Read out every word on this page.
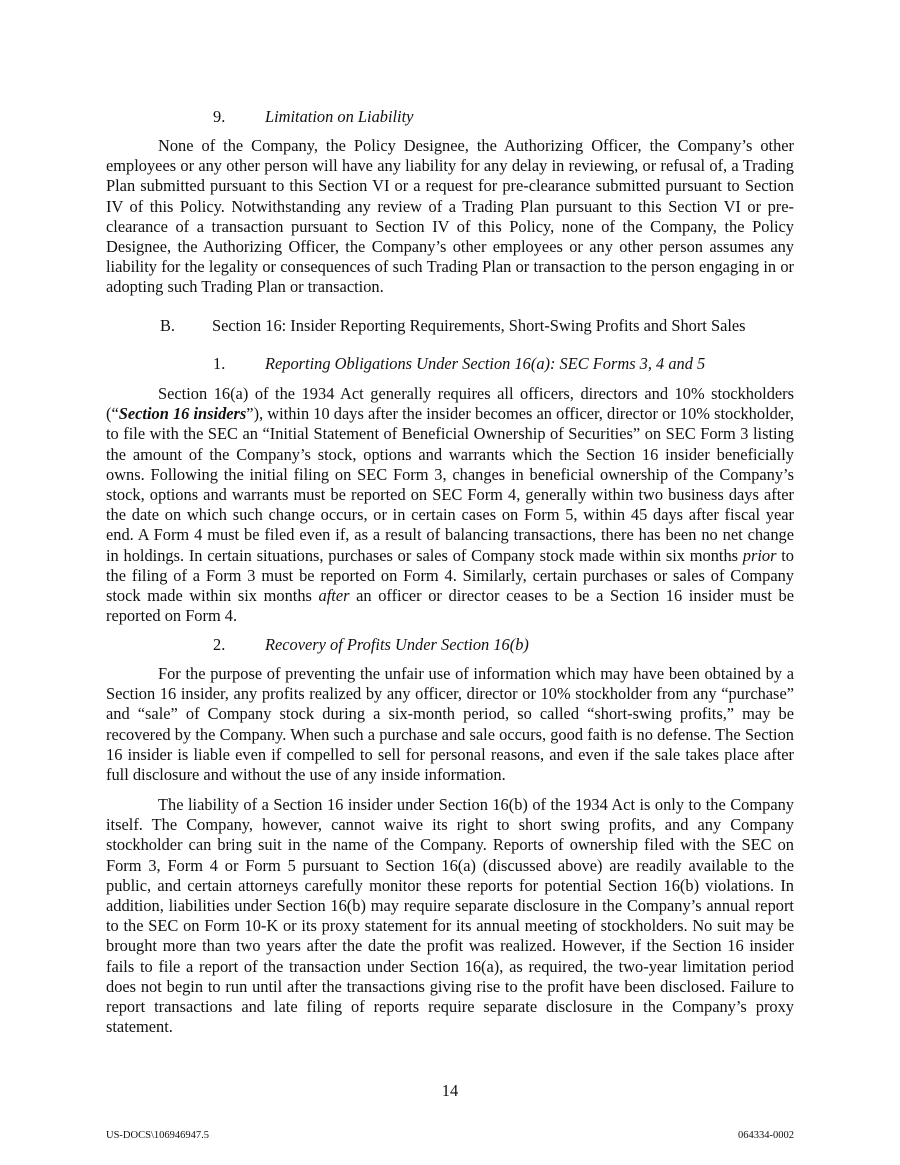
9. Limitation on Liability

None of the Company, the Policy Designee, the Authorizing Officer, the Company’s other employees or any other person will have any liability for any delay in reviewing, or refusal of, a Trading Plan submitted pursuant to this Section VI or a request for pre-clearance submitted pursuant to Section IV of this Policy. Notwithstanding any review of a Trading Plan pursuant to this Section VI or pre-clearance of a transaction pursuant to Section IV of this Policy, none of the Company, the Policy Designee, the Authorizing Officer, the Company’s other employees or any other person assumes any liability for the legality or consequences of such Trading Plan or transaction to the person engaging in or adopting such Trading Plan or transaction.

B. Section 16: Insider Reporting Requirements, Short-Swing Profits and Short Sales
1. Reporting Obligations Under Section 16(a): SEC Forms 3, 4 and 5

Section 16(a) of the 1934 Act generally requires all officers, directors and 10% stockholders (“Section 16 insiders”), within 10 days after the insider becomes an officer, director or 10% stockholder, to file with the SEC an “Initial Statement of Beneficial Ownership of Securities” on SEC Form 3 listing the amount of the Company’s stock, options and warrants which the Section 16 insider beneficially owns. Following the initial filing on SEC Form 3, changes in beneficial ownership of the Company’s stock, options and warrants must be reported on SEC Form 4, generally within two business days after the date on which such change occurs, or in certain cases on Form 5, within 45 days after fiscal year end. A Form 4 must be filed even if, as a result of balancing transactions, there has been no net change in holdings. In certain situations, purchases or sales of Company stock made within six months prior to the filing of a Form 3 must be reported on Form 4. Similarly, certain purchases or sales of Company stock made within six months after an officer or director ceases to be a Section 16 insider must be reported on Form 4.

2. Recovery of Profits Under Section 16(b)

For the purpose of preventing the unfair use of information which may have been obtained by a Section 16 insider, any profits realized by any officer, director or 10% stockholder from any “purchase” and “sale” of Company stock during a six-month period, so called “short-swing profits,” may be recovered by the Company. When such a purchase and sale occurs, good faith is no defense. The Section 16 insider is liable even if compelled to sell for personal reasons, and even if the sale takes place after full disclosure and without the use of any inside information.

The liability of a Section 16 insider under Section 16(b) of the 1934 Act is only to the Company itself. The Company, however, cannot waive its right to short swing profits, and any Company stockholder can bring suit in the name of the Company. Reports of ownership filed with the SEC on Form 3, Form 4 or Form 5 pursuant to Section 16(a) (discussed above) are readily available to the public, and certain attorneys carefully monitor these reports for potential Section 16(b) violations. In addition, liabilities under Section 16(b) may require separate disclosure in the Company’s annual report to the SEC on Form 10-K or its proxy statement for its annual meeting of stockholders. No suit may be brought more than two years after the date the profit was realized. However, if the Section 16 insider fails to file a report of the transaction under Section 16(a), as required, the two-year limitation period does not begin to run until after the transactions giving rise to the profit have been disclosed. Failure to report transactions and late filing of reports require separate disclosure in the Company’s proxy statement.

14
US-DOCS\106946947.5	064334-0002
